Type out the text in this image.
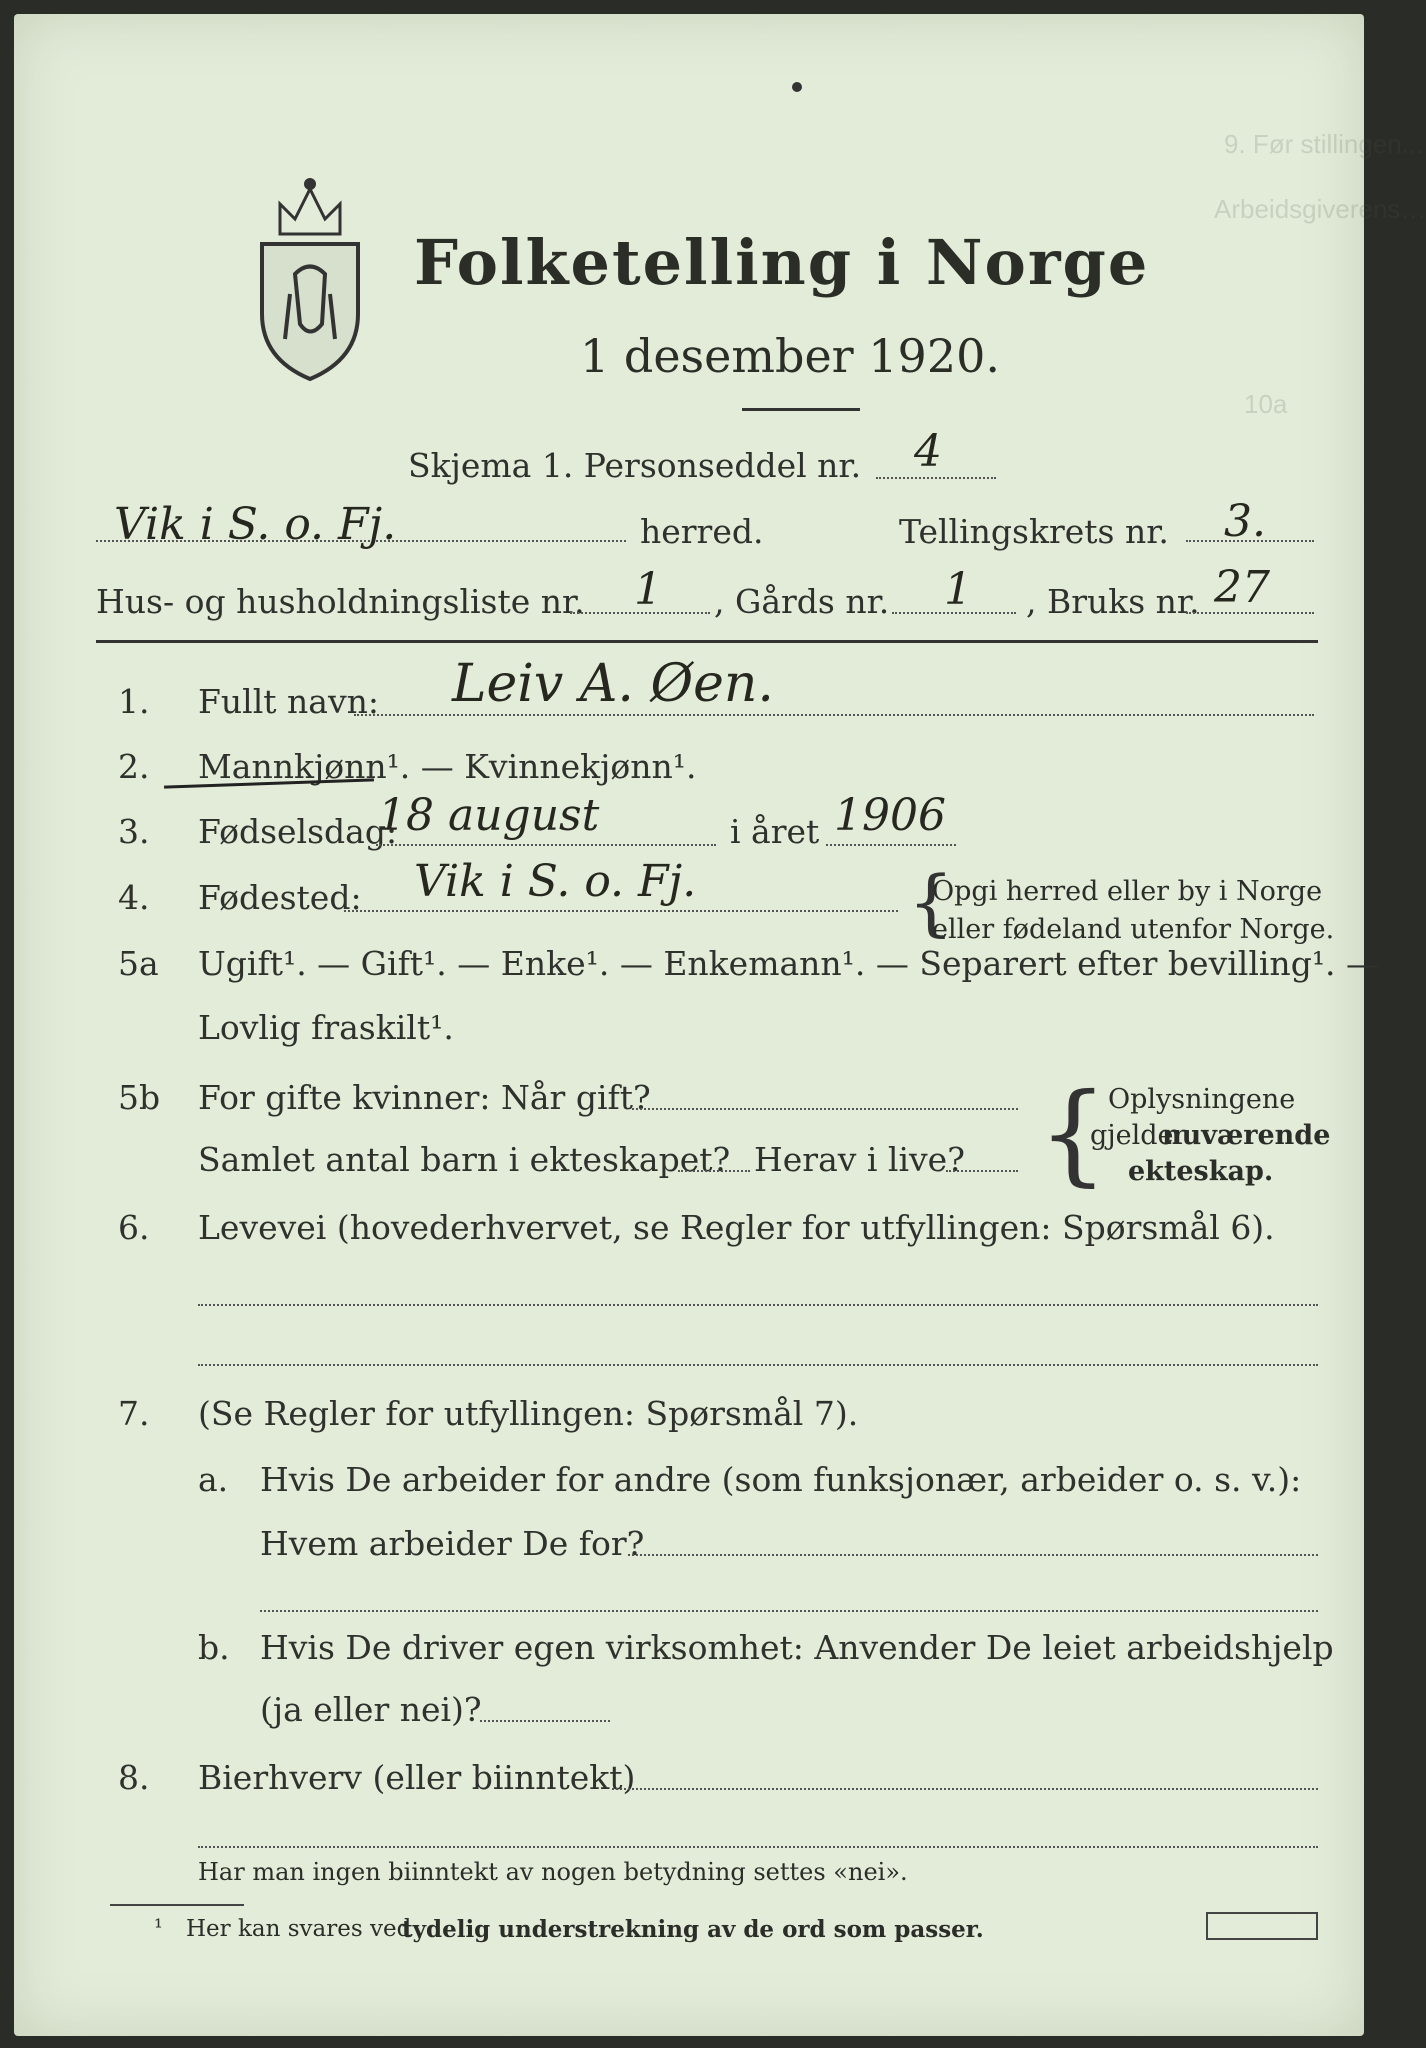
9. Før stillingen...
Arbeidsgiverens…
10a
Folketelling i Norge
1 desember 1920.
Skjema 1. Personseddel nr. 4
Vik i S. o. Fj.	herred.	Tellingskrets nr. 3.
Hus- og husholdningsliste nr. 1 , Gårds nr. 1 , Bruks nr. 27
1. Fullt navn: Leiv A. Øen.
2. Mannkjønn¹. — Kvinnekjønn¹.
3. Fødselsdag:
18 august	i året 1906
4. Fødested: Vik i S. o. Fj.	{
Opgi herred eller by i Norge
eller fødeland utenfor Norge.
5a Ugift¹. — Gift¹. — Enke¹. — Enkemann¹. — Separert efter bevilling¹. —
Lovlig fraskilt¹.
5b For gifte kvinner: Når gift?
Samlet antal barn i ekteskapet? Herav i live? { Oplysningene
gjelder
nuværende
ekteskap.
6. Levevei (hovederhvervet, se Regler for utfyllingen: Spørsmål 6).
7. (Se Regler for utfyllingen: Spørsmål 7).
a. Hvis De arbeider for andre (som funksjonær, arbeider o. s. v.):
Hvem arbeider De for?
b. Hvis De driver egen virksomhet: Anvender De leiet arbeidshjelp
(ja eller nei)?
8. Bierhverv (eller biinntekt)
Har man ingen biinntekt av nogen betydning settes «nei».
¹ Her kan svares ved
tydelig understrekning av de ord som passer.
